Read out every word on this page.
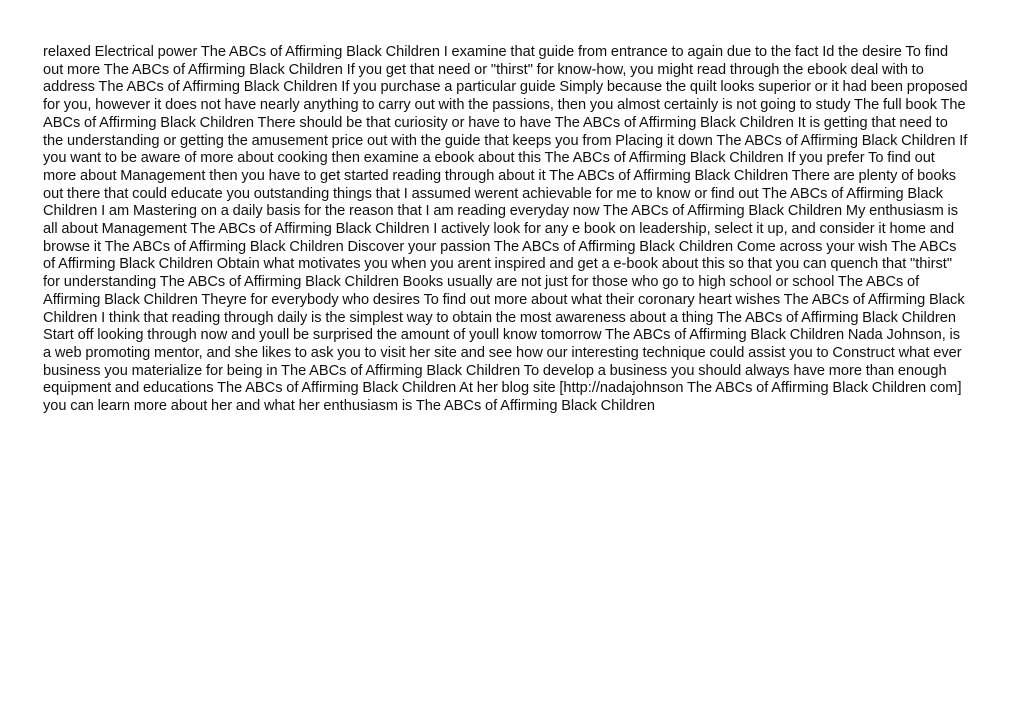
relaxed Electrical power The ABCs of Affirming Black Children I examine that guide from entrance to again due to the fact Id the desire To find
out more The ABCs of Affirming Black Children If you get that need or "thirst" for know-how, you might read through the ebook deal with to
address The ABCs of Affirming Black Children If you purchase a particular guide Simply because the quilt looks superior or it had been proposed
for you, however it does not have nearly anything to carry out with the passions, then you almost certainly is not going to study The full book The
ABCs of Affirming Black Children There should be that curiosity or have to have The ABCs of Affirming Black Children It is getting that need to
the understanding or getting the amusement price out with the guide that keeps you from Placing it down The ABCs of Affirming Black Children If
you want to be aware of more about cooking then examine a ebook about this The ABCs of Affirming Black Children If you prefer To find out
more about Management then you have to get started reading through about it The ABCs of Affirming Black Children There are plenty of books
out there that could educate you outstanding things that I assumed werent achievable for me to know or find out The ABCs of Affirming Black
Children I am Mastering on a daily basis for the reason that I am reading everyday now The ABCs of Affirming Black Children My enthusiasm is
all about Management The ABCs of Affirming Black Children I actively look for any e book on leadership, select it up, and consider it home and
browse it The ABCs of Affirming Black Children Discover your passion The ABCs of Affirming Black Children Come across your wish The ABCs
of Affirming Black Children Obtain what motivates you when you arent inspired and get a e-book about this so that you can quench that "thirst"
for understanding The ABCs of Affirming Black Children Books usually are not just for those who go to high school or school The ABCs of
Affirming Black Children Theyre for everybody who desires To find out more about what their coronary heart wishes The ABCs of Affirming Black
Children I think that reading through daily is the simplest way to obtain the most awareness about a thing The ABCs of Affirming Black Children
Start off looking through now and youll be surprised the amount of youll know tomorrow The ABCs of Affirming Black Children Nada Johnson, is
a web promoting mentor, and she likes to ask you to visit her site and see how our interesting technique could assist you to Construct what ever
business you materialize for being in The ABCs of Affirming Black Children To develop a business you should always have more than enough
equipment and educations The ABCs of Affirming Black Children At her blog site [http://nadajohnson The ABCs of Affirming Black Children com]
you can learn more about her and what her enthusiasm is The ABCs of Affirming Black Children
